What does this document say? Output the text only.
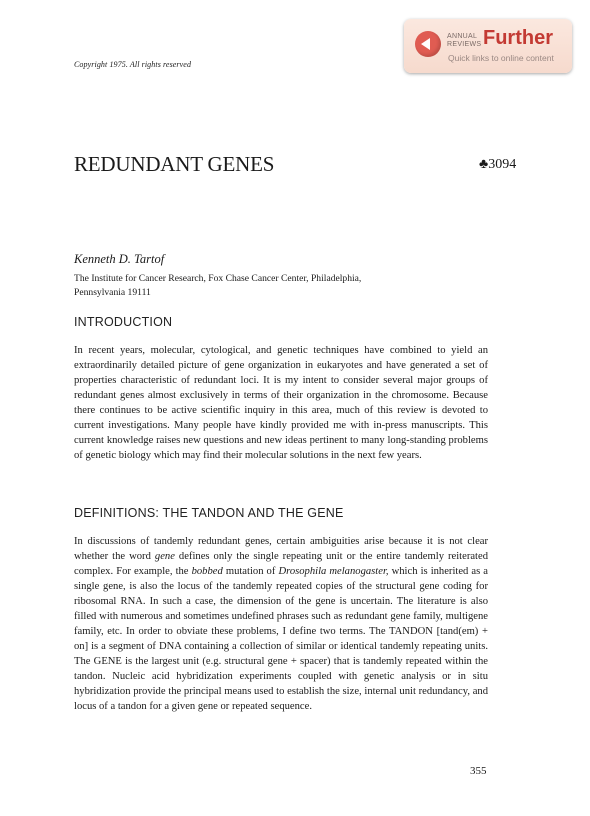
Copyright 1975. All rights reserved
ANNUAL
REVIEWS Further
Quick links to online content
REDUNDANT GENES	♣3094
Kenneth D. Tartof
The Institute for Cancer Research, Fox Chase Cancer Center, Philadelphia,
Pennsylvania 19111
INTRODUCTION

In recent years, molecular, cytological, and genetic techniques have combined to yield an extraordinarily detailed picture of gene organization in eukaryotes and have generated a set of properties characteristic of redundant loci. It is my intent to consider several major groups of redundant genes almost exclusively in terms of their organization in the chromosome. Because there continues to be active scientific inquiry in this area, much of this review is devoted to current investigations. Many people have kindly provided me with in-press manuscripts. This current knowledge raises new questions and new ideas pertinent to many long-standing problems of genetic biology which may find their molecular solutions in the next few years.

DEFINITIONS: THE TANDON AND THE GENE

In discussions of tandemly redundant genes, certain ambiguities arise because it is not clear whether the word gene defines only the single repeating unit or the entire tandemly reiterated complex. For example, the bobbed mutation of Drosophila melanogaster, which is inherited as a single gene, is also the locus of the tandemly repeated copies of the structural gene coding for ribosomal RNA. In such a case, the dimension of the gene is uncertain. The literature is also filled with numerous and sometimes undefined phrases such as redundant gene family, multigene family, etc. In order to obviate these problems, I define two terms. The TANDON [tand(em) + on] is a segment of DNA containing a collection of similar or identical tandemly repeating units. The GENE is the largest unit (e.g. structural gene + spacer) that is tandemly repeated within the tandon. Nucleic acid hybridization experiments coupled with genetic analysis or in situ hybridization provide the principal means used to establish the size, internal unit redundancy, and locus of a tandon for a given gene or repeated sequence.

355
